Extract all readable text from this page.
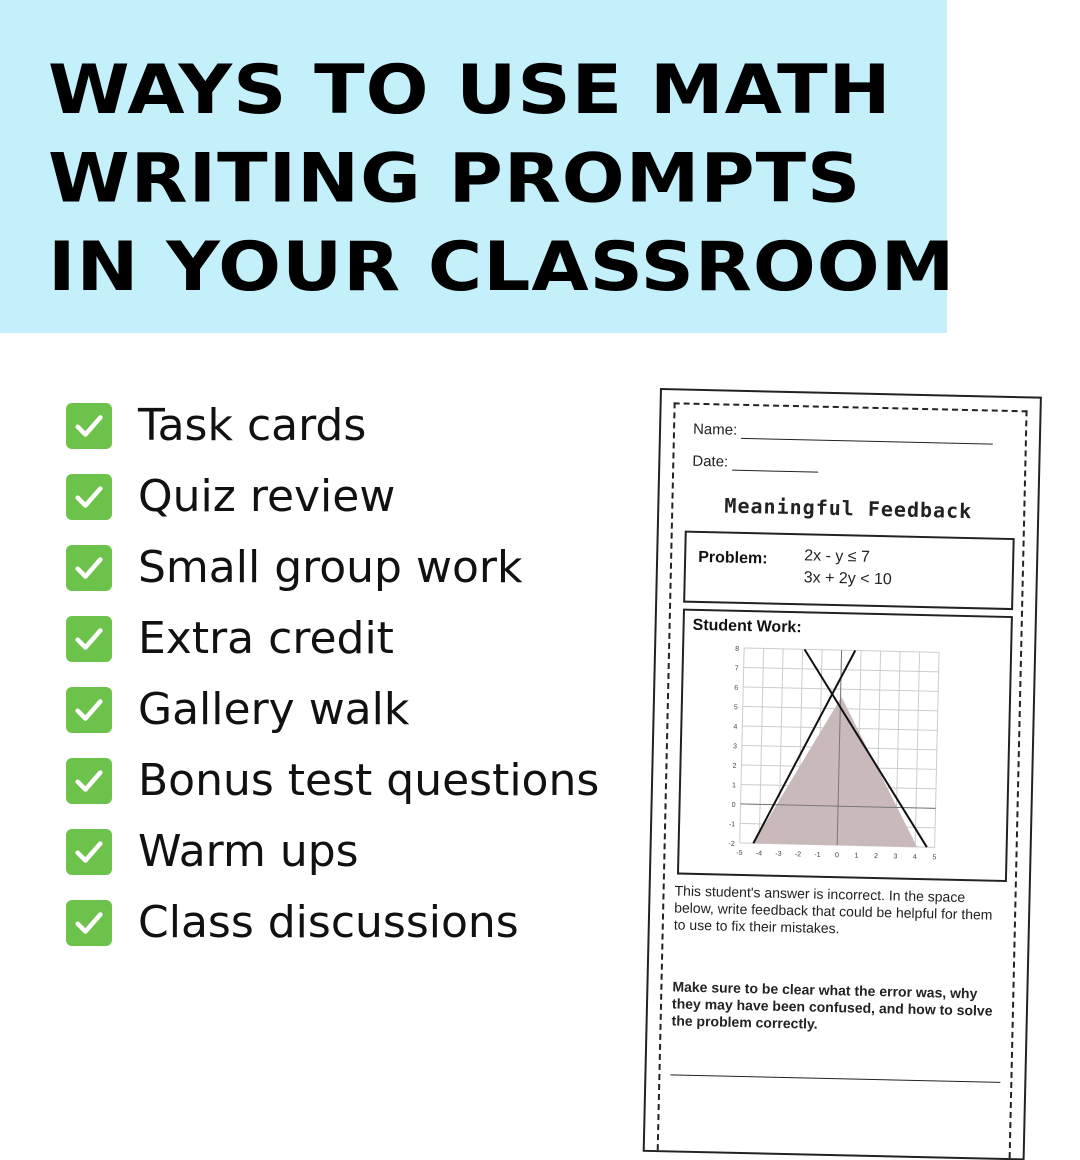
WAYS TO USE MATH
WRITING PROMPTS
IN YOUR CLASSROOM
Task cards
Quiz review
Small group work
Extra credit
Gallery walk
Bonus test questions
Warm ups
Class discussions
Name:
Date:
Meaningful Feedback
Problem: 2x - y ≤ 7
3x + 2y < 10
Student Work:
-5 -4 -3 -2 -1 0 1 2 3 4 5
8
7
6
5
4
3
2
1
0
-1
-2
This student's answer is incorrect. In the space below, write feedback that could be helpful for them to use to fix their mistakes.
Make sure to be clear what the error was, why they may have been confused, and how to solve the problem correctly.
